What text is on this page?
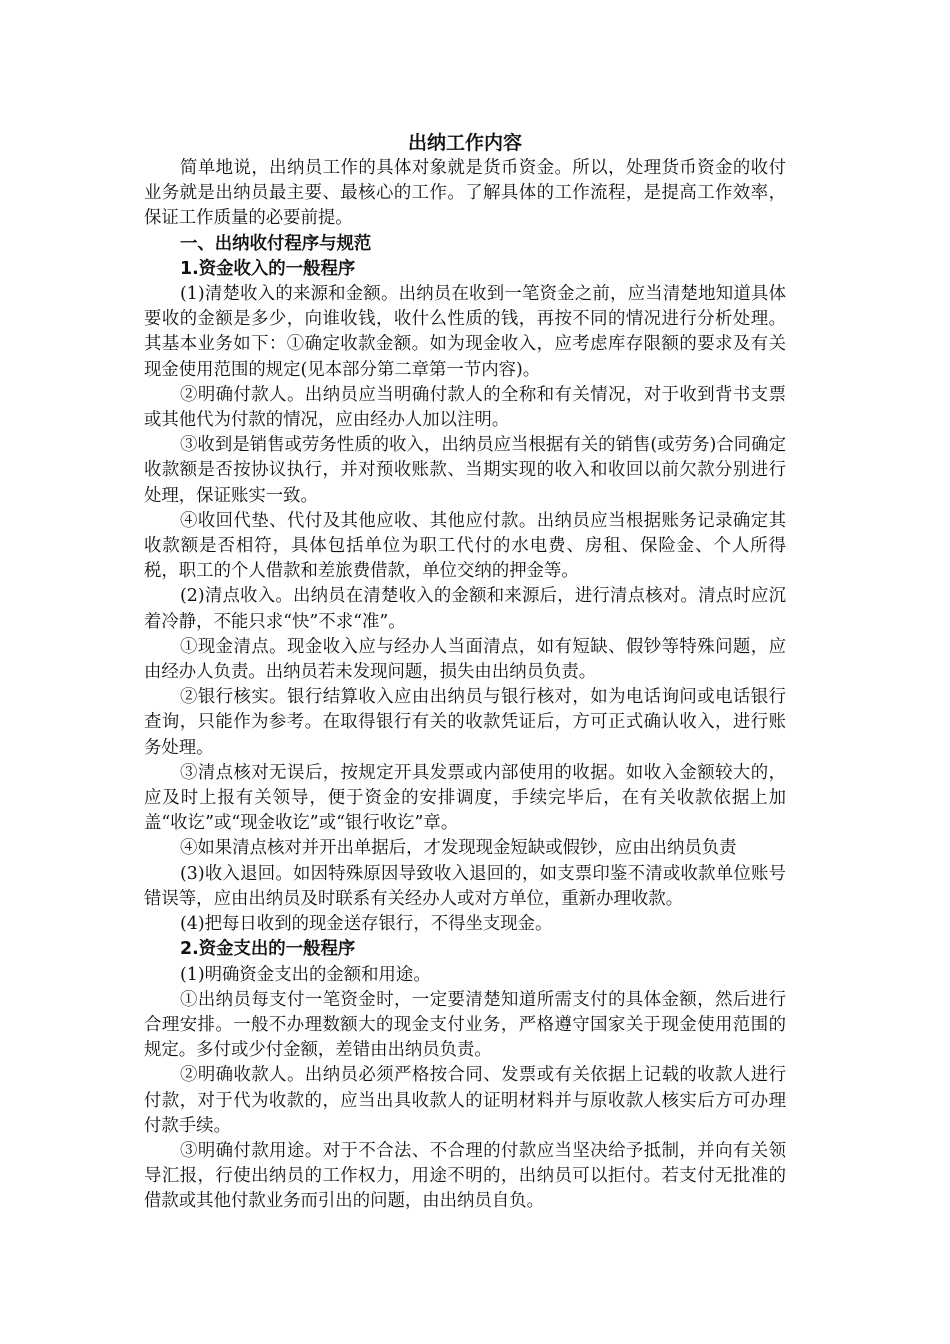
出纳工作内容
简单地说，出纳员工作的具体对象就是货币资金。所以，处理货币资金的收付业务就是出纳员最主要、最核心的工作。了解具体的工作流程，是提高工作效率，保证工作质量的必要前提。
一、出纳收付程序与规范
1.资金收入的一般程序
(1)清楚收入的来源和金额。出纳员在收到一笔资金之前，应当清楚地知道具体要收的金额是多少，向谁收钱，收什么性质的钱，再按不同的情况进行分析处理。其基本业务如下：①确定收款金额。如为现金收入，应考虑库存限额的要求及有关现金使用范围的规定(见本部分第二章第一节内容)。
②明确付款人。出纳员应当明确付款人的全称和有关情况，对于收到背书支票或其他代为付款的情况，应由经办人加以注明。
③收到是销售或劳务性质的收入，出纳员应当根据有关的销售(或劳务)合同确定收款额是否按协议执行，并对预收账款、当期实现的收入和收回以前欠款分别进行处理，保证账实一致。
④收回代垫、代付及其他应收、其他应付款。出纳员应当根据账务记录确定其收款额是否相符，具体包括单位为职工代付的水电费、房租、保险金、个人所得税，职工的个人借款和差旅费借款，单位交纳的押金等。
(2)清点收入。出纳员在清楚收入的金额和来源后，进行清点核对。清点时应沉着冷静，不能只求“快”不求“准”。
①现金清点。现金收入应与经办人当面清点，如有短缺、假钞等特殊问题，应由经办人负责。出纳员若未发现问题，损失由出纳员负责。
②银行核实。银行结算收入应由出纳员与银行核对，如为电话询问或电话银行查询，只能作为参考。在取得银行有关的收款凭证后，方可正式确认收入，进行账务处理。
③清点核对无误后，按规定开具发票或内部使用的收据。如收入金额较大的，应及时上报有关领导，便于资金的安排调度，手续完毕后，在有关收款依据上加盖“收讫”或“现金收讫”或“银行收讫”章。
④如果清点核对并开出单据后，才发现现金短缺或假钞，应由出纳员负责
(3)收入退回。如因特殊原因导致收入退回的，如支票印鉴不清或收款单位账号错误等，应由出纳员及时联系有关经办人或对方单位，重新办理收款。
(4)把每日收到的现金送存银行，不得坐支现金。
2.资金支出的一般程序
(1)明确资金支出的金额和用途。
①出纳员每支付一笔资金时，一定要清楚知道所需支付的具体金额，然后进行合理安排。一般不办理数额大的现金支付业务，严格遵守国家关于现金使用范围的规定。多付或少付金额，差错由出纳员负责。
②明确收款人。出纳员必须严格按合同、发票或有关依据上记载的收款人进行付款，对于代为收款的，应当出具收款人的证明材料并与原收款人核实后方可办理付款手续。
③明确付款用途。对于不合法、不合理的付款应当坚决给予抵制，并向有关领导汇报，行使出纳员的工作权力，用途不明的，出纳员可以拒付。若支付无批准的借款或其他付款业务而引出的问题，由出纳员自负。
